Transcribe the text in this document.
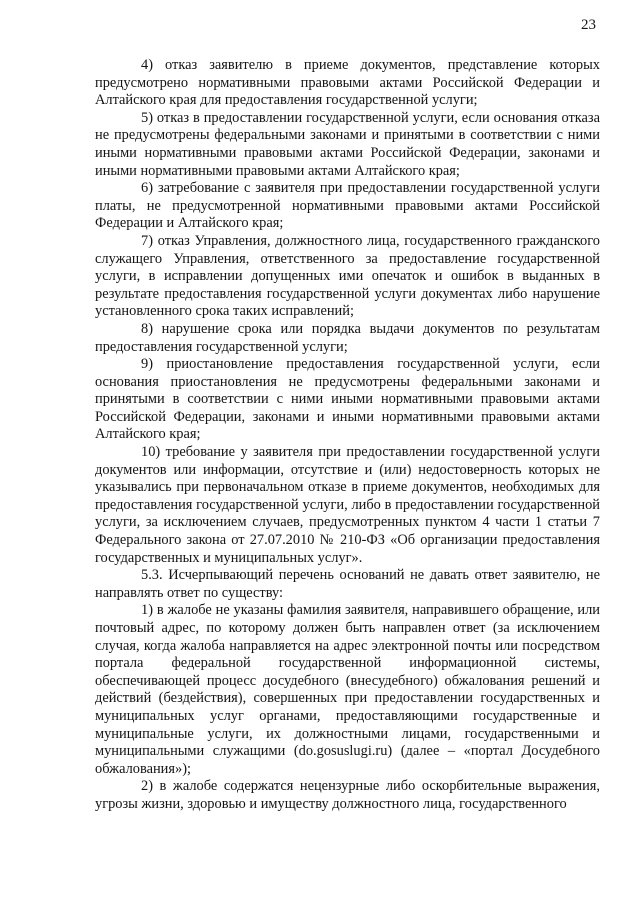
23

4) отказ заявителю в приеме документов, представление которых предусмотрено нормативными правовыми актами Российской Федерации и Алтайского края для предоставления государственной услуги;

5) отказ в предоставлении государственной услуги, если основания отказа не предусмотрены федеральными законами и принятыми в соответствии с ними иными нормативными правовыми актами Российской Федерации, законами и иными нормативными правовыми актами Алтайского края;

6) затребование с заявителя при предоставлении государственной услуги платы, не предусмотренной нормативными правовыми актами Российской Федерации и Алтайского края;

7) отказ Управления, должностного лица, государственного гражданского служащего Управления, ответственного за предоставление государственной услуги, в исправлении допущенных ими опечаток и ошибок в выданных в результате предоставления государственной услуги документах либо нарушение установленного срока таких исправлений;

8) нарушение срока или порядка выдачи документов по результатам предоставления государственной услуги;

9) приостановление предоставления государственной услуги, если основания приостановления не предусмотрены федеральными законами и принятыми в соответствии с ними иными нормативными правовыми актами Российской Федерации, законами и иными нормативными правовыми актами Алтайского края;

10) требование у заявителя при предоставлении государственной услуги документов или информации, отсутствие и (или) недостоверность которых не указывались при первоначальном отказе в приеме документов, необходимых для предоставления государственной услуги, либо в предоставлении государственной услуги, за исключением случаев, предусмотренных пунктом 4 части 1 статьи 7 Федерального закона от 27.07.2010 № 210-ФЗ «Об организации предоставления государственных и муниципальных услуг».

5.3. Исчерпывающий перечень оснований не давать ответ заявителю, не направлять ответ по существу:

1) в жалобе не указаны фамилия заявителя, направившего обращение, или почтовый адрес, по которому должен быть направлен ответ (за исключением случая, когда жалоба направляется на адрес электронной почты или посредством портала федеральной государственной информационной системы, обеспечивающей процесс досудебного (внесудебного) обжалования решений и действий (бездействия), совершенных при предоставлении государственных и муниципальных услуг органами, предоставляющими государственные и муниципальные услуги, их должностными лицами, государственными и муниципальными служащими (do.gosuslugi.ru) (далее – «портал Досудебного обжалования»);

2) в жалобе содержатся нецензурные либо оскорбительные выражения, угрозы жизни, здоровью и имуществу должностного лица, государственного
